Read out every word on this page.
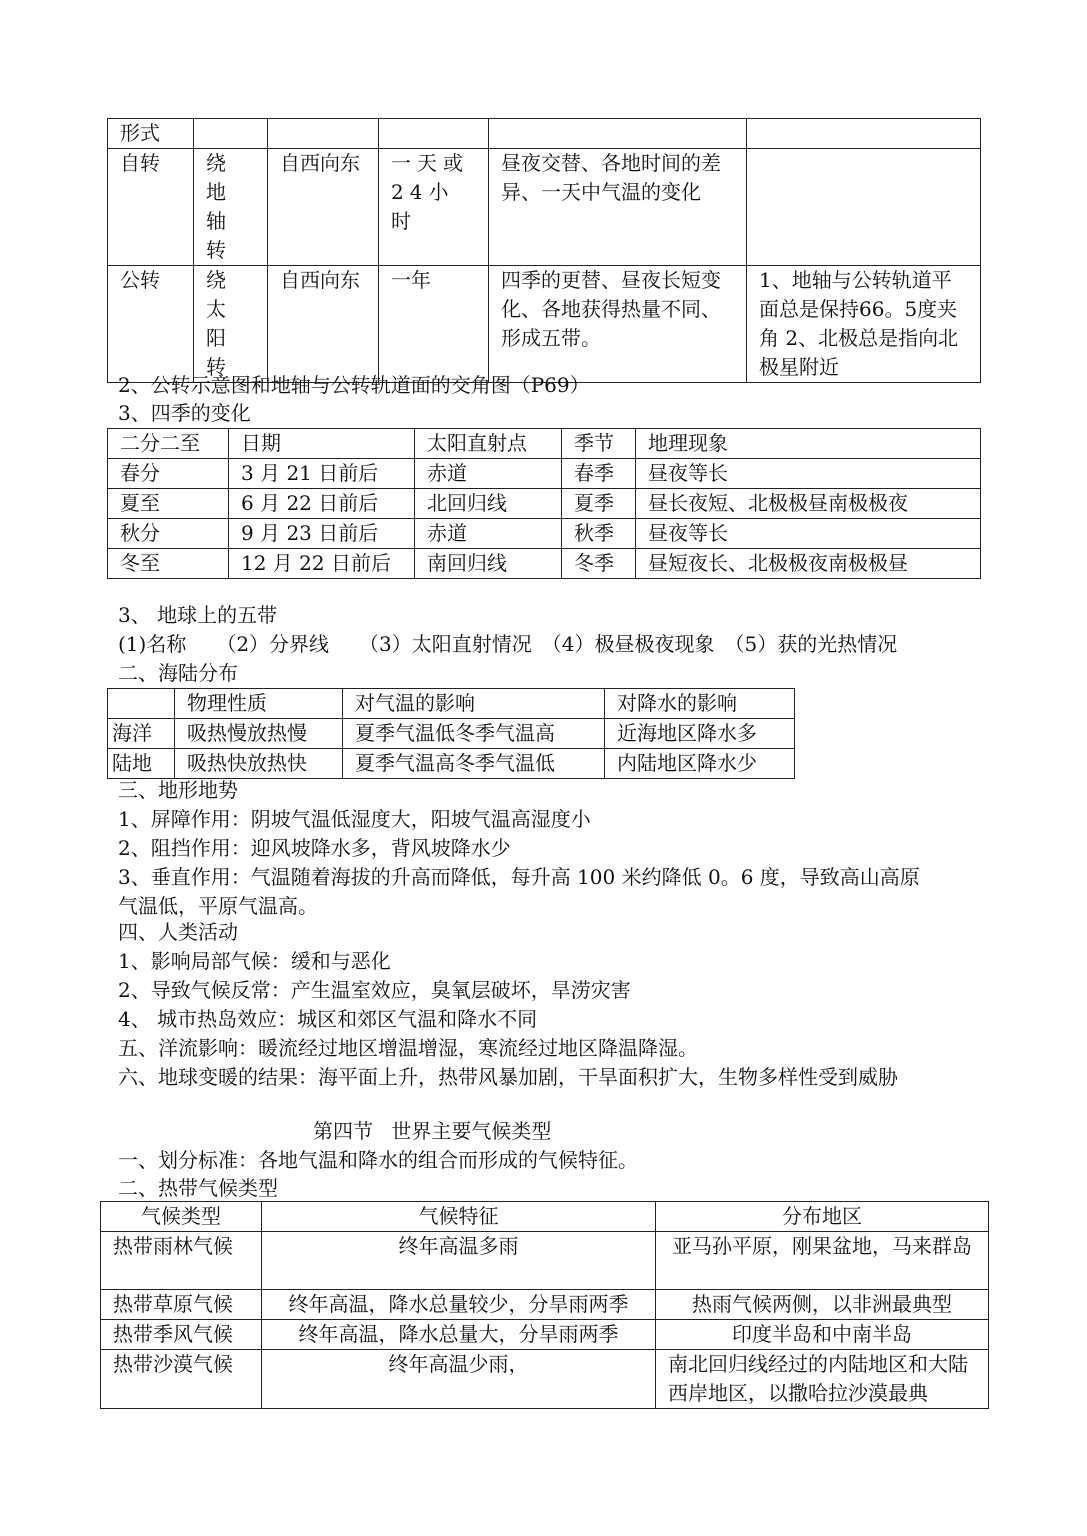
形式					
自转	绕地轴转	自西向东	一天或24小时	昼夜交替、各地时间的差异、一天中气温的变化	
公转	绕太阳转	自西向东	一年	四季的更替、昼夜长短变化、各地获得热量不同、形成五带。	1、地轴与公转轨道平面总是保持66。5度夹角 2、北极总是指向北极星附近
2、公转示意图和地轴与公转轨道面的交角图（P69）
3、四季的变化
二分二至	日期	太阳直射点	季节	地理现象
春分	3 月 21 日前后	赤道	春季	昼夜等长
夏至	6 月 22 日前后	北回归线	夏季	昼长夜短、北极极昼南极极夜
秋分	9 月 23 日前后	赤道	秋季	昼夜等长
冬至	12 月 22 日前后	南回归线	冬季	昼短夜长、北极极夜南极极昼
3、 地球上的五带
(1)名称　　（2）分界线　　（3）太阳直射情况　（4）极昼极夜现象　（5）获的光热情况
二、海陆分布
	物理性质	对气温的影响	对降水的影响
海洋	吸热慢放热慢	夏季气温低冬季气温高	近海地区降水多
陆地	吸热快放热快	夏季气温高冬季气温低	内陆地区降水少
三、地形地势
1、屏障作用：阴坡气温低湿度大，阳坡气温高湿度小
2、阻挡作用：迎风坡降水多，背风坡降水少
3、垂直作用：气温随着海拔的升高而降低，每升高 100 米约降低 0。6 度，导致高山高原
气温低，平原气温高。
四、人类活动
1、影响局部气候：缓和与恶化
2、导致气候反常：产生温室效应，臭氧层破坏，旱涝灾害
4、 城市热岛效应：城区和郊区气温和降水不同
五、洋流影响：暖流经过地区增温增湿，寒流经过地区降温降湿。
六、地球变暖的结果：海平面上升，热带风暴加剧，干旱面积扩大，生物多样性受到威胁
第四节 世界主要气候类型
一、划分标准：各地气温和降水的组合而形成的气候特征。
二、热带气候类型
气候类型	气候特征	分布地区
热带雨林气候	终年高温多雨	亚马孙平原，刚果盆地，马来群岛
热带草原气候	终年高温，降水总量较少，分旱雨两季	热雨气候两侧，以非洲最典型
热带季风气候	终年高温，降水总量大，分旱雨两季	印度半岛和中南半岛
热带沙漠气候	终年高温少雨，	南北回归线经过的内陆地区和大陆西岸地区，以撒哈拉沙漠最典
